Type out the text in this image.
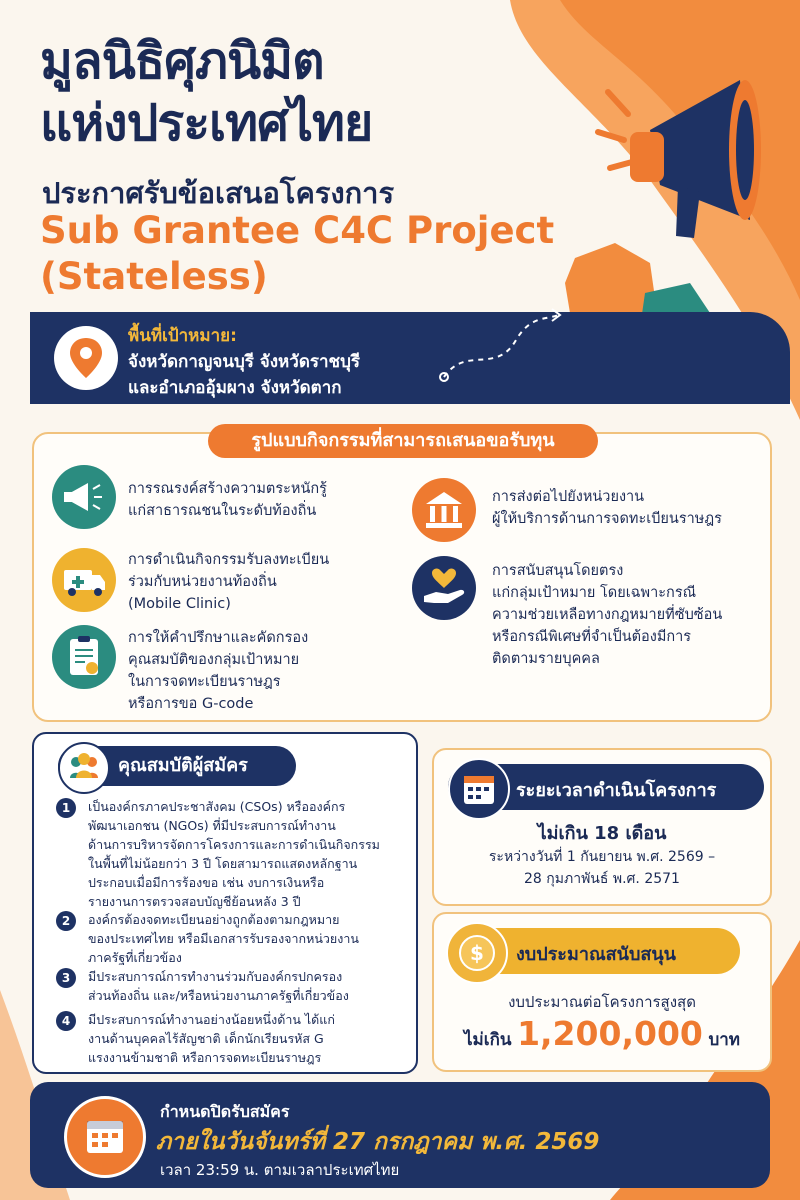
มูลนิธิศุภนิมิต
แห่งประเทศไทย
ประกาศรับข้อเสนอโครงการ
Sub Grantee C4C Project
(Stateless)
พื้นที่เป้าหมาย:
จังหวัดกาญจนบุรี จังหวัดราชบุรี
และอำเภออุ้มผาง จังหวัดตาก
รูปแบบกิจกรรมที่สามารถเสนอขอรับทุน
การรณรงค์สร้างความตระหนักรู้
แก่สาธารณชนในระดับท้องถิ่น
การดำเนินกิจกรรมรับลงทะเบียน
ร่วมกับหน่วยงานท้องถิ่น
(Mobile Clinic)
การให้คำปรึกษาและคัดกรอง
คุณสมบัติของกลุ่มเป้าหมาย
ในการจดทะเบียนราษฎร
หรือการขอ G-code
การส่งต่อไปยังหน่วยงาน
ผู้ให้บริการด้านการจดทะเบียนราษฎร
การสนับสนุนโดยตรง
แก่กลุ่มเป้าหมาย โดยเฉพาะกรณี
ความช่วยเหลือทางกฎหมายที่ซับซ้อน
หรือกรณีพิเศษที่จำเป็นต้องมีการ
ติดตามรายบุคคล
คุณสมบัติผู้สมัคร
1	เป็นองค์กรภาคประชาสังคม (CSOs) หรือองค์กร
พัฒนาเอกชน (NGOs) ที่มีประสบการณ์ทำงาน
ด้านการบริหารจัดการโครงการและการดำเนินกิจกรรม
ในพื้นที่ไม่น้อยกว่า 3 ปี โดยสามารถแสดงหลักฐาน
ประกอบเมื่อมีการร้องขอ เช่น งบการเงินหรือ
รายงานการตรวจสอบบัญชีย้อนหลัง 3 ปี
2	องค์กรต้องจดทะเบียนอย่างถูกต้องตามกฎหมาย
ของประเทศไทย หรือมีเอกสารรับรองจากหน่วยงาน
ภาครัฐที่เกี่ยวข้อง
3	มีประสบการณ์การทำงานร่วมกับองค์กรปกครอง
ส่วนท้องถิ่น และ/หรือหน่วยงานภาครัฐที่เกี่ยวข้อง
4	มีประสบการณ์ทำงานอย่างน้อยหนึ่งด้าน ได้แก่
งานด้านบุคคลไร้สัญชาติ เด็กนักเรียนรหัส G
แรงงานข้ามชาติ หรือการจดทะเบียนราษฎร
ระยะเวลาดำเนินโครงการ
ไม่เกิน 18 เดือน
ระหว่างวันที่ 1 กันยายน พ.ศ. 2569 –
28 กุมภาพันธ์ พ.ศ. 2571
งบประมาณสนับสนุน
$
งบประมาณต่อโครงการสูงสุด
ไม่เกิน 1,200,000 บาท
กำหนดปิดรับสมัคร
ภายในวันจันทร์ที่ 27 กรกฎาคม พ.ศ. 2569
เวลา 23:59 น. ตามเวลาประเทศไทย
